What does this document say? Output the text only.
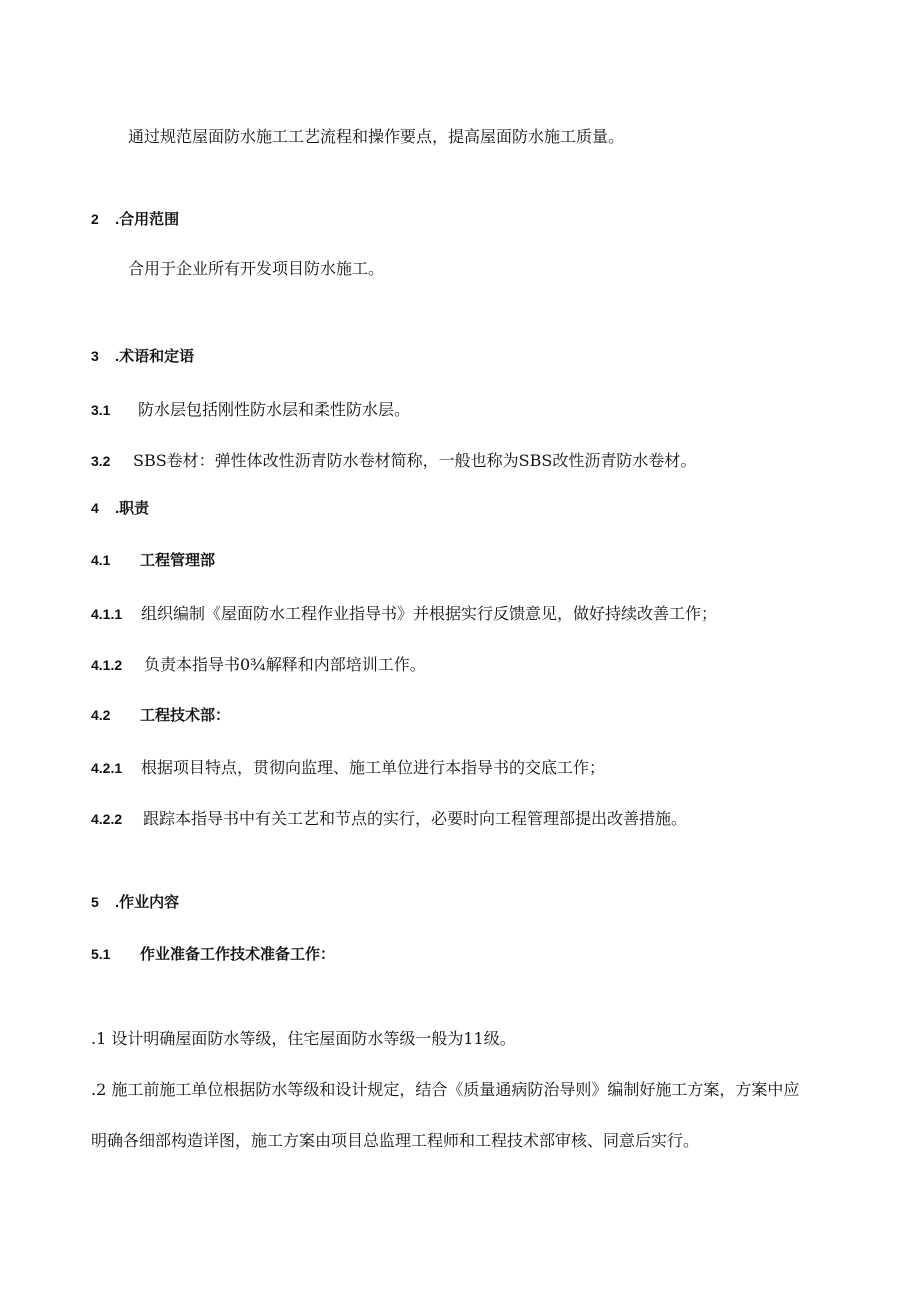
通过规范屋面防水施工工艺流程和操作要点，提高屋面防水施工质量。
2 .合用范围
合用于企业所有开发项目防水施工。
3 .术语和定语
3.1 防水层包括刚性防水层和柔性防水层。
3.2 SBS卷材：弹性体改性沥青防水卷材简称，一般也称为SBS改性沥青防水卷材。
4 .职责
4.1 工程管理部
4.1.1 组织编制《屋面防水工程作业指导书》并根据实行反馈意见，做好持续改善工作；
4.1.2 负责本指导书0¾解释和内部培训工作。
4.2 工程技术部：
4.2.1 根据项目特点，贯彻向监理、施工单位进行本指导书的交底工作；
4.2.2 跟踪本指导书中有关工艺和节点的实行，必要时向工程管理部提出改善措施。
5 .作业内容
5.1 作业准备工作技术准备工作：
.1 设计明确屋面防水等级，住宅屋面防水等级一般为11级。
.2 施工前施工单位根据防水等级和设计规定，结合《质量通病防治导则》编制好施工方案，方案中应
明确各细部构造详图，施工方案由项目总监理工程师和工程技术部审核、同意后实行。
